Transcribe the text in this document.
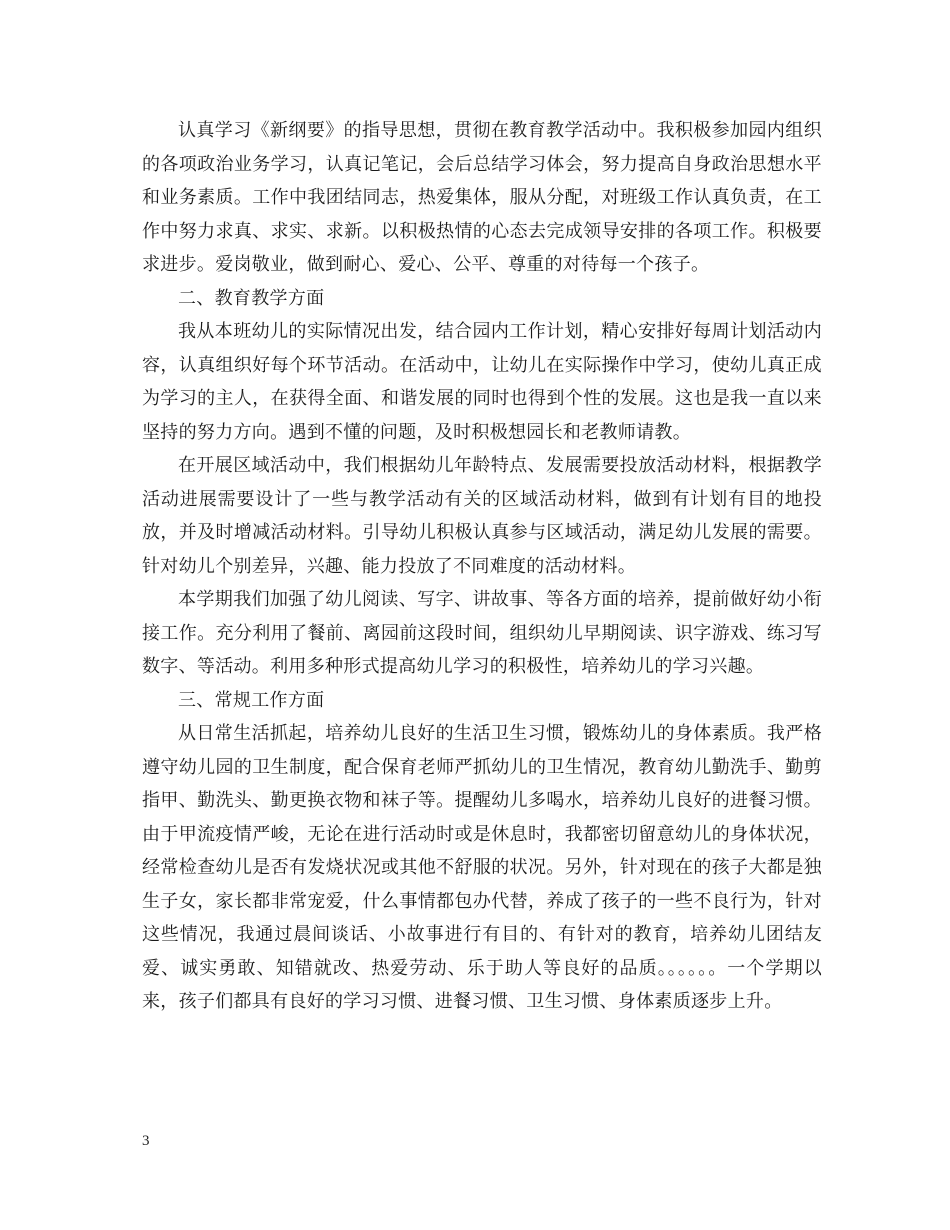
认真学习《新纲要》的指导思想，贯彻在教育教学活动中。我积极参加园内组织的各项政治业务学习，认真记笔记，会后总结学习体会，努力提高自身政治思想水平和业务素质。工作中我团结同志，热爱集体，服从分配，对班级工作认真负责，在工作中努力求真、求实、求新。以积极热情的心态去完成领导安排的各项工作。积极要求进步。爱岗敬业，做到耐心、爱心、公平、尊重的对待每一个孩子。

二、教育教学方面

我从本班幼儿的实际情况出发，结合园内工作计划，精心安排好每周计划活动内容，认真组织好每个环节活动。在活动中，让幼儿在实际操作中学习，使幼儿真正成为学习的主人，在获得全面、和谐发展的同时也得到个性的发展。这也是我一直以来坚持的努力方向。遇到不懂的问题，及时积极想园长和老教师请教。

在开展区域活动中，我们根据幼儿年龄特点、发展需要投放活动材料，根据教学活动进展需要设计了一些与教学活动有关的区域活动材料，做到有计划有目的地投放，并及时增减活动材料。引导幼儿积极认真参与区域活动，满足幼儿发展的需要。针对幼儿个别差异，兴趣、能力投放了不同难度的活动材料。

本学期我们加强了幼儿阅读、写字、讲故事、等各方面的培养，提前做好幼小衔接工作。充分利用了餐前、离园前这段时间，组织幼儿早期阅读、识字游戏、练习写数字、等活动。利用多种形式提高幼儿学习的积极性，培养幼儿的学习兴趣。

三、常规工作方面

从日常生活抓起，培养幼儿良好的生活卫生习惯，锻炼幼儿的身体素质。我严格遵守幼儿园的卫生制度，配合保育老师严抓幼儿的卫生情况，教育幼儿勤洗手、勤剪指甲、勤洗头、勤更换衣物和袜子等。提醒幼儿多喝水，培养幼儿良好的进餐习惯。由于甲流疫情严峻，无论在进行活动时或是休息时，我都密切留意幼儿的身体状况，经常检查幼儿是否有发烧状况或其他不舒服的状况。另外，针对现在的孩子大都是独生子女，家长都非常宠爱，什么事情都包办代替，养成了孩子的一些不良行为，针对这些情况，我通过晨间谈话、小故事进行有目的、有针对的教育，培养幼儿团结友爱、诚实勇敢、知错就改、热爱劳动、乐于助人等良好的品质。。。。。。一个学期以来，孩子们都具有良好的学习习惯、进餐习惯、卫生习惯、身体素质逐步上升。

3
